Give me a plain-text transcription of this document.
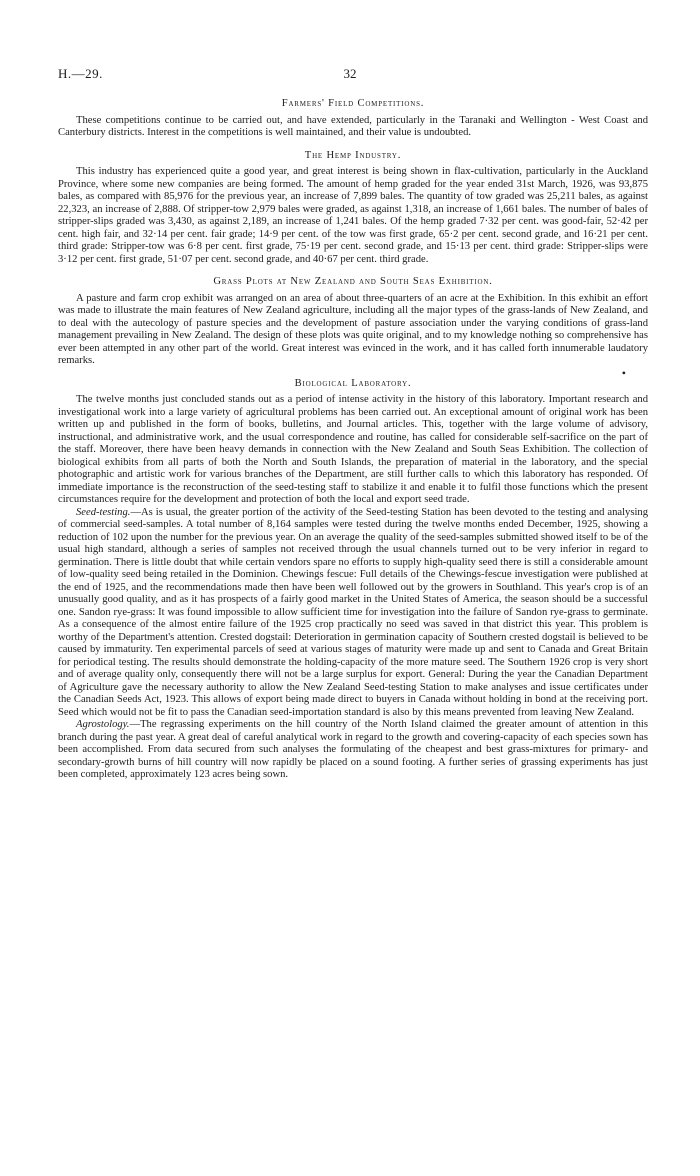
H.—29.	32
Farmers' Field Competitions.

These competitions continue to be carried out, and have extended, particularly in the Taranaki and Wellington - West Coast and Canterbury districts. Interest in the competitions is well maintained, and their value is undoubted.

The Hemp Industry.

This industry has experienced quite a good year, and great interest is being shown in flax-cultivation, particularly in the Auckland Province, where some new companies are being formed. The amount of hemp graded for the year ended 31st March, 1926, was 93,875 bales, as compared with 85,976 for the previous year, an increase of 7,899 bales. The quantity of tow graded was 25,211 bales, as against 22,323, an increase of 2,888. Of stripper-tow 2,979 bales were graded, as against 1,318, an increase of 1,661 bales. The number of bales of stripper-slips graded was 3,430, as against 2,189, an increase of 1,241 bales. Of the hemp graded 7·32 per cent. was good-fair, 52·42 per cent. high fair, and 32·14 per cent. fair grade; 14·9 per cent. of the tow was first grade, 65·2 per cent. second grade, and 16·21 per cent. third grade: Stripper-tow was 6·8 per cent. first grade, 75·19 per cent. second grade, and 15·13 per cent. third grade: Stripper-slips were 3·12 per cent. first grade, 51·07 per cent. second grade, and 40·67 per cent. third grade.

Grass Plots at New Zealand and South Seas Exhibition.

A pasture and farm crop exhibit was arranged on an area of about three-quarters of an acre at the Exhibition. In this exhibit an effort was made to illustrate the main features of New Zealand agriculture, including all the major types of the grass-lands of New Zealand, and to deal with the autecology of pasture species and the development of pasture association under the varying conditions of grass-land management prevailing in New Zealand. The design of these plots was quite original, and to my knowledge nothing so comprehensive has ever been attempted in any other part of the world. Great interest was evinced in the work, and it has called forth innumerable laudatory remarks.

•
Biological Laboratory.

The twelve months just concluded stands out as a period of intense activity in the history of this laboratory. Important research and investigational work into a large variety of agricultural problems has been carried out. An exceptional amount of original work has been written up and published in the form of books, bulletins, and Journal articles. This, together with the large volume of advisory, instructional, and administrative work, and the usual correspondence and routine, has called for considerable self-sacrifice on the part of the staff. Moreover, there have been heavy demands in connection with the New Zealand and South Seas Exhibition. The collection of biological exhibits from all parts of both the North and South Islands, the preparation of material in the laboratory, and the special photographic and artistic work for various branches of the Department, are still further calls to which this laboratory has responded. Of immediate importance is the reconstruction of the seed-testing staff to stabilize it and enable it to fulfil those functions which the present circumstances require for the development and protection of both the local and export seed trade.

Seed-testing.—As is usual, the greater portion of the activity of the Seed-testing Station has been devoted to the testing and analysing of commercial seed-samples. A total number of 8,164 samples were tested during the twelve months ended December, 1925, showing a reduction of 102 upon the number for the previous year. On an average the quality of the seed-samples submitted showed itself to be of the usual high standard, although a series of samples not received through the usual channels turned out to be very inferior in regard to germination. There is little doubt that while certain vendors spare no efforts to supply high-quality seed there is still a considerable amount of low-quality seed being retailed in the Dominion. Chewings fescue: Full details of the Chewings-fescue investigation were published at the end of 1925, and the recommendations made then have been well followed out by the growers in Southland. This year's crop is of an unusually good quality, and as it has prospects of a fairly good market in the United States of America, the season should be a successful one. Sandon rye-grass: It was found impossible to allow sufficient time for investigation into the failure of Sandon rye-grass to germinate. As a consequence of the almost entire failure of the 1925 crop practically no seed was saved in that district this year. This problem is worthy of the Department's attention. Crested dogstail: Deterioration in germination capacity of Southern crested dogstail is believed to be caused by immaturity. Ten experimental parcels of seed at various stages of maturity were made up and sent to Canada and Great Britain for periodical testing. The results should demonstrate the holding-capacity of the more mature seed. The Southern 1926 crop is very short and of average quality only, consequently there will not be a large surplus for export. General: During the year the Canadian Department of Agriculture gave the necessary authority to allow the New Zealand Seed-testing Station to make analyses and issue certificates under the Canadian Seeds Act, 1923. This allows of export being made direct to buyers in Canada without holding in bond at the receiving port. Seed which would not be fit to pass the Canadian seed-importation standard is also by this means prevented from leaving New Zealand.

Agrostology.—The regrassing experiments on the hill country of the North Island claimed the greater amount of attention in this branch during the past year. A great deal of careful analytical work in regard to the growth and covering-capacity of each species sown has been accomplished. From data secured from such analyses the formulating of the cheapest and best grass-mixtures for primary- and secondary-growth burns of hill country will now rapidly be placed on a sound footing. A further series of grassing experiments has just been completed, approximately 123 acres being sown.
